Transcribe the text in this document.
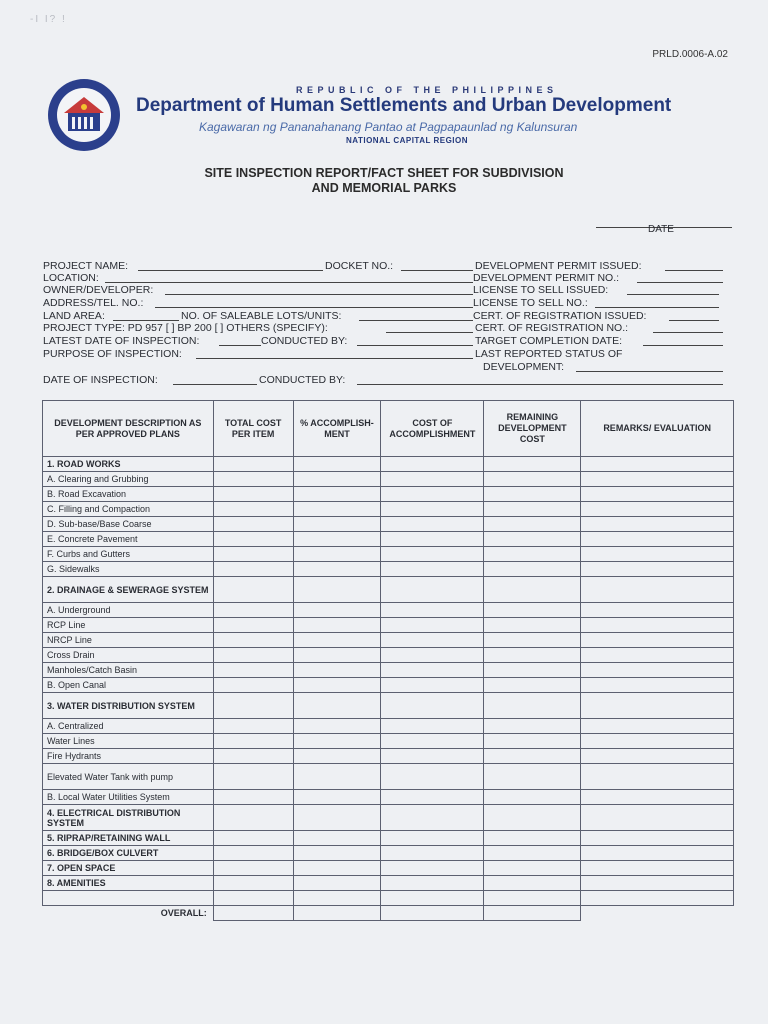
-I I? !
PRLD.0006-A.02
REPUBLIC OF THE PHILIPPINES
Department of Human Settlements and Urban Development
Kagawaran ng Pananahanang Pantao at Pagpapaunlad ng Kalunsuran
NATIONAL CAPITAL REGION
SITE INSPECTION REPORT/FACT SHEET FOR SUBDIVISION
AND MEMORIAL PARKS
DATE
PROJECT NAME:	DOCKET NO.:	DEVELOPMENT PERMIT ISSUED:
LOCATION:	DEVELOPMENT PERMIT NO.:
OWNER/DEVELOPER:	LICENSE TO SELL ISSUED:
ADDRESS/TEL. NO.:	LICENSE TO SELL NO.:
LAND AREA:	NO. OF SALEABLE LOTS/UNITS:	CERT. OF REGISTRATION ISSUED:
PROJECT TYPE: PD 957 [ ] BP 200 [ ] OTHERS (SPECIFY):	CERT. OF REGISTRATION NO.:
LATEST DATE OF INSPECTION:	CONDUCTED BY:	TARGET COMPLETION DATE:
PURPOSE OF INSPECTION:	LAST REPORTED STATUS OF
DEVELOPMENT:
DATE OF INSPECTION:	CONDUCTED BY:
DEVELOPMENT DESCRIPTION AS PER APPROVED PLANS	TOTAL COST PER ITEM	% ACCOMPLISH-MENT	COST OF ACCOMPLISHMENT	REMAINING DEVELOPMENT COST	REMARKS/ EVALUATION
1. ROAD WORKS					
A. Clearing and Grubbing					
B. Road Excavation					
C. Filling and Compaction					
D. Sub-base/Base Coarse					
E. Concrete Pavement					
F. Curbs and Gutters					
G. Sidewalks					
2. DRAINAGE & SEWERAGE SYSTEM					
A. Underground					
RCP Line					
NRCP Line					
Cross Drain					
Manholes/Catch Basin					
B. Open Canal					
3. WATER DISTRIBUTION SYSTEM					
A. Centralized					
Water Lines					
Fire Hydrants					
Elevated Water Tank with pump					
B. Local Water Utilities System					
4. ELECTRICAL DISTRIBUTION SYSTEM					
5. RIPRAP/RETAINING WALL					
6. BRIDGE/BOX CULVERT					
7. OPEN SPACE					
8. AMENITIES					

OVERALL:					
